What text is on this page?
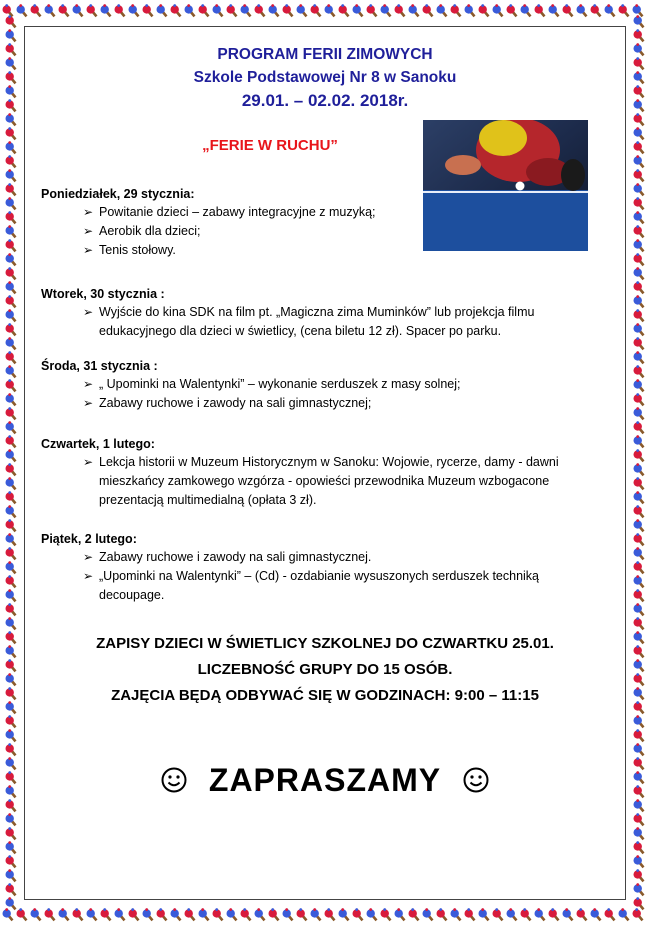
PROGRAM FERII ZIMOWYCH
Szkole Podstawowej Nr 8 w Sanoku
29.01. – 02.02. 2018r.
„FERIE W RUCHU”
Poniedziałek, 29 stycznia:
➢ Powitanie dzieci – zabawy integracyjne z muzyką;
➢ Aerobik dla dzieci;
➢ Tenis stołowy.
Wtorek, 30 stycznia :
➢ Wyjście do kina SDK na film pt. „Magiczna zima Muminków” lub projekcja filmu edukacyjnego dla dzieci w świetlicy, (cena biletu 12 zł). Spacer po parku.
Środa, 31 stycznia :
➢ „ Upominki na Walentynki” – wykonanie serduszek z masy solnej;
➢ Zabawy ruchowe i zawody na sali gimnastycznej;
Czwartek, 1 lutego:
➢ Lekcja historii w Muzeum Historycznym w Sanoku: Wojowie, rycerze, damy - dawni mieszkańcy zamkowego wzgórza - opowieści przewodnika Muzeum wzbogacone prezentacją multimedialną (opłata 3 zł).
Piątek, 2 lutego:
➢ Zabawy ruchowe i zawody na sali gimnastycznej.
➢ „Upominki na Walentynki” – (Cd) - ozdabianie wysuszonych serduszek techniką decoupage.
ZAPISY DZIECI W ŚWIETLICY SZKOLNEJ DO CZWARTKU 25.01.
LICZEBNOŚĆ GRUPY DO 15 OSÓB.
ZAJĘCIA BĘDĄ ODBYWAĆ SIĘ W GODZINACH: 9:00 – 11:15
ZAPRASZAMY
